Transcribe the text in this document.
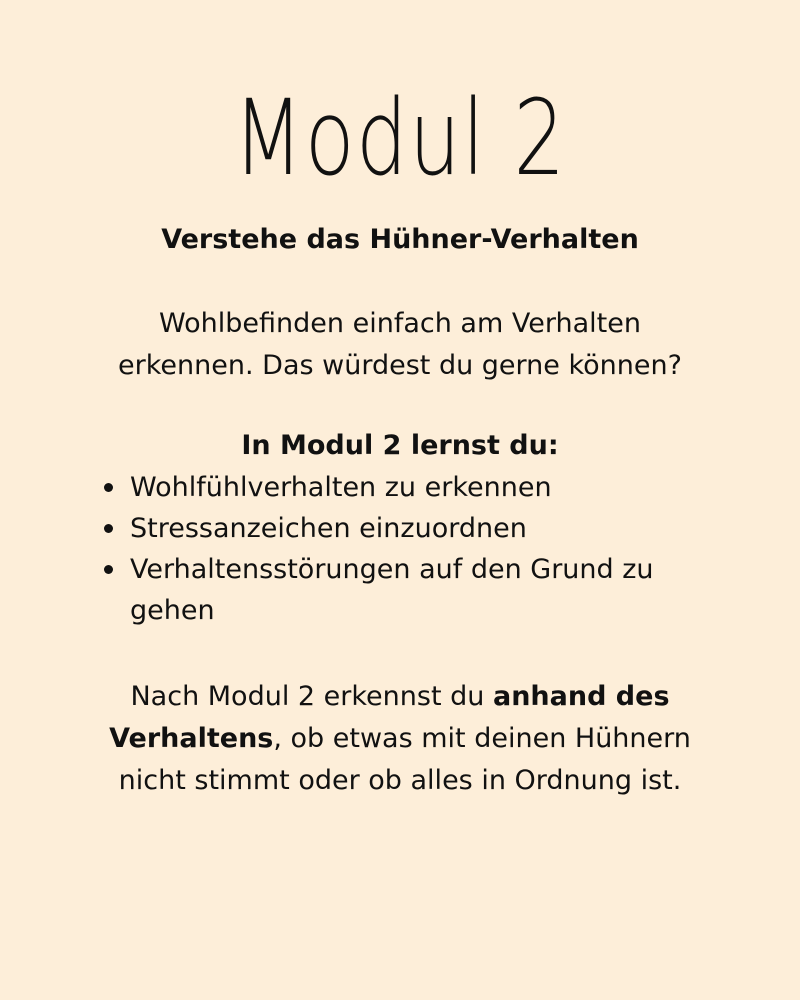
Modul 2
Verstehe das Hühner-Verhalten

Wohlbefinden einfach am Verhalten
erkennen. Das würdest du gerne können?

In Modul 2 lernst du:
Wohlfühlverhalten zu erkennen
Stressanzeichen einzuordnen
Verhaltensstörungen auf den Grund zu gehen

Nach Modul 2 erkennst du anhand des Verhaltens, ob etwas mit deinen Hühnern nicht stimmt oder ob alles in Ordnung ist.
